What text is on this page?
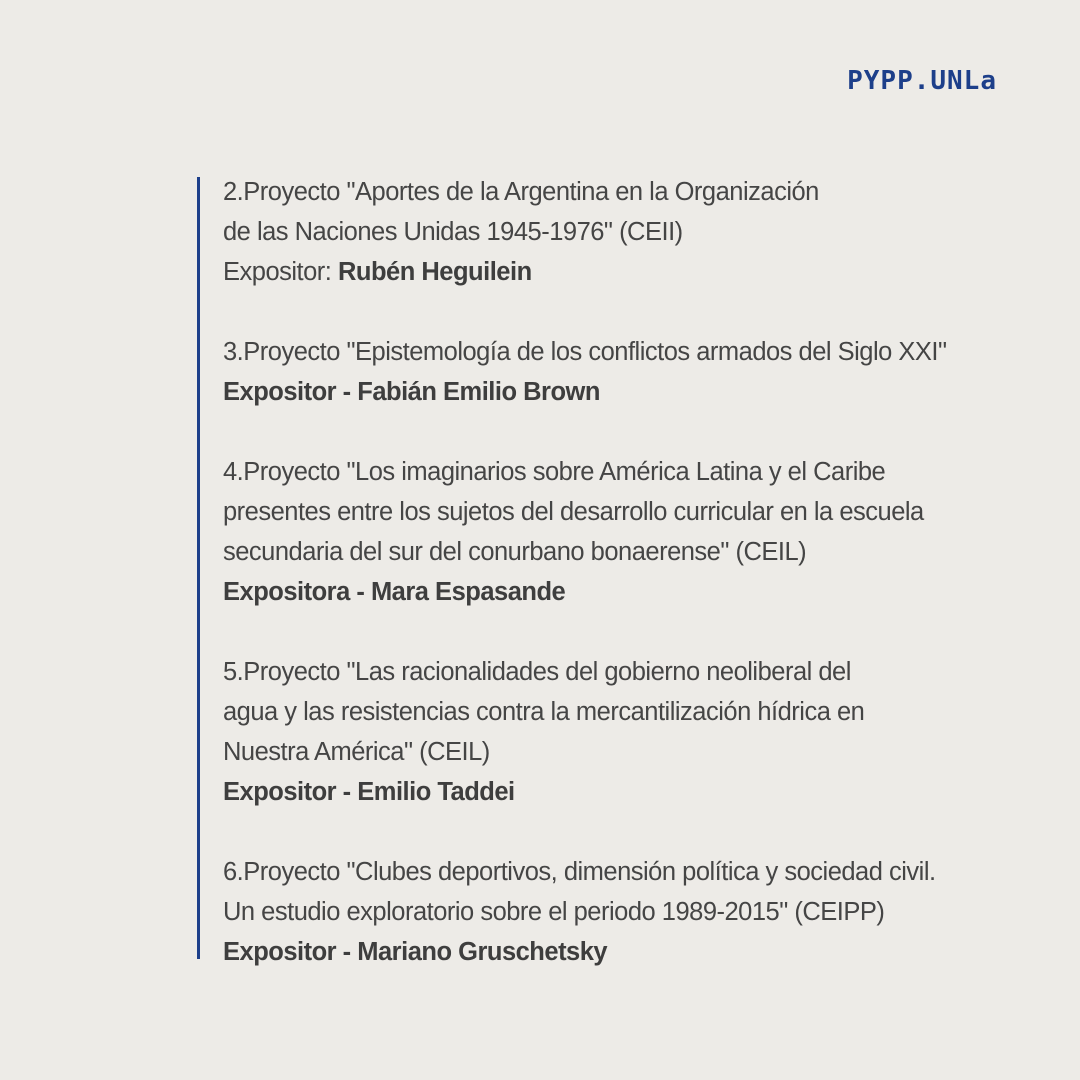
PYPP.UNLa
2.Proyecto "Aportes de la Argentina en la Organización
de las Naciones Unidas 1945-1976" (CEII)
Expositor: Rubén Heguilein
3.Proyecto "Epistemología de los conflictos armados del Siglo XXI"
Expositor - Fabián Emilio Brown
4.Proyecto "Los imaginarios sobre América Latina y el Caribe
presentes entre los sujetos del desarrollo curricular en la escuela
secundaria del sur del conurbano bonaerense" (CEIL)
Expositora - Mara Espasande
5.Proyecto "Las racionalidades del gobierno neoliberal del
agua y las resistencias contra la mercantilización hídrica en
Nuestra América" (CEIL)
Expositor - Emilio Taddei
6.Proyecto "Clubes deportivos, dimensión política y sociedad civil.
Un estudio exploratorio sobre el periodo 1989-2015" (CEIPP)
Expositor - Mariano Gruschetsky
